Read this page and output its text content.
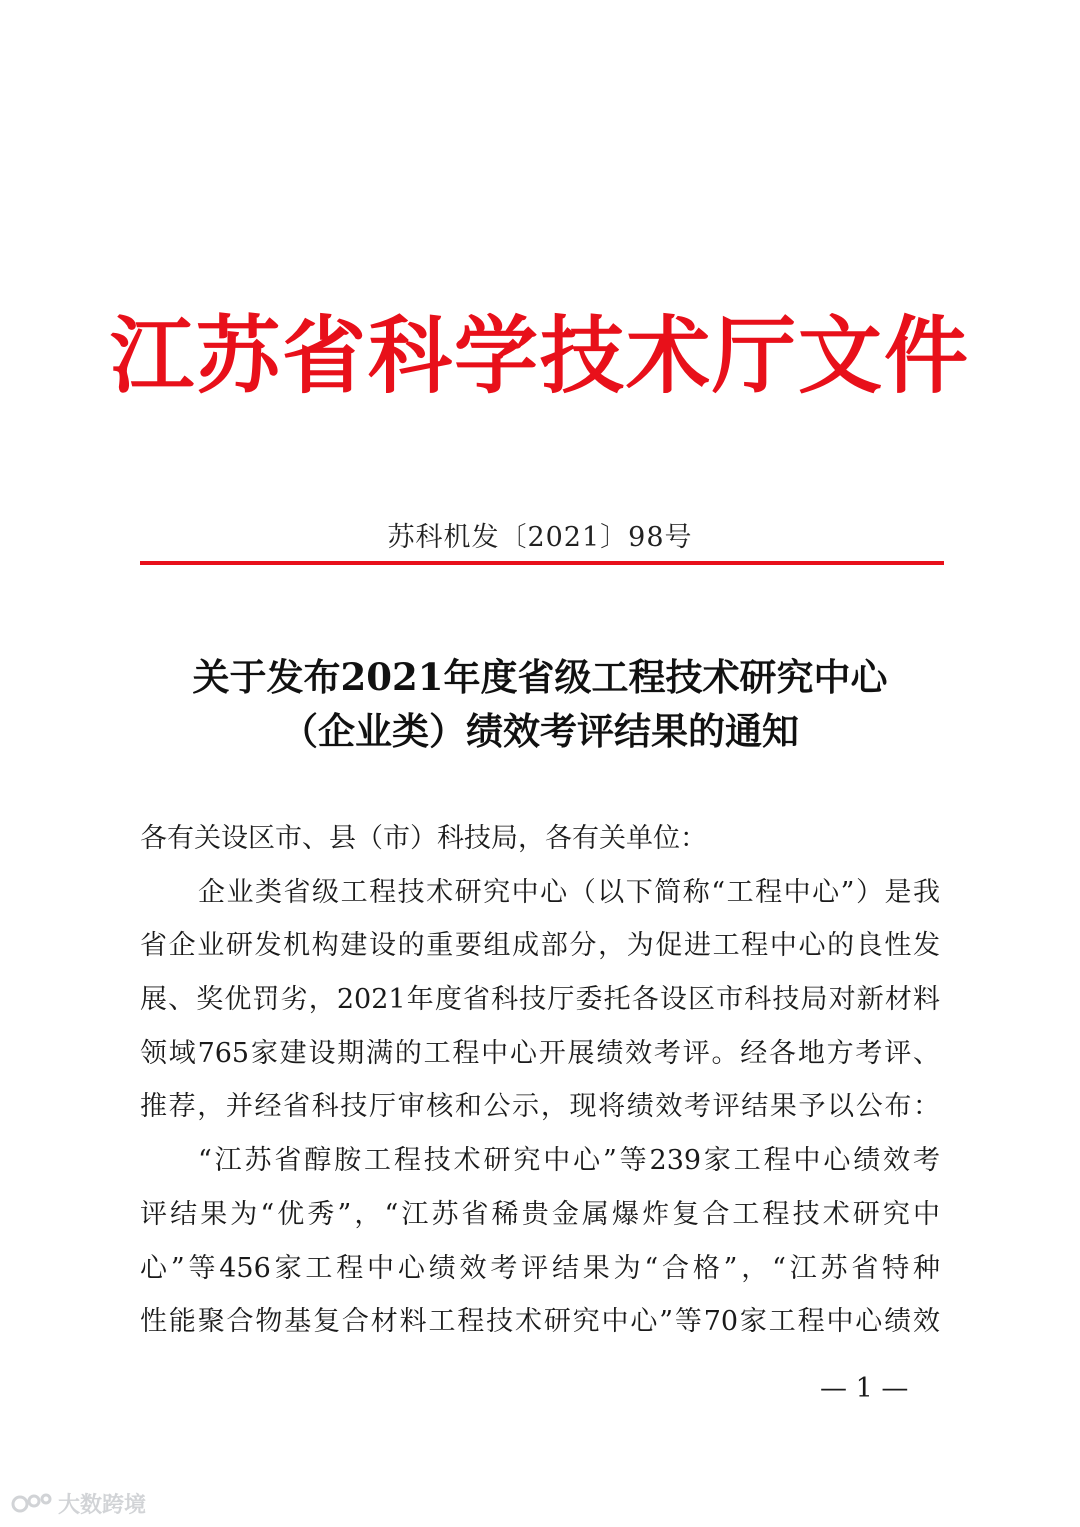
江苏省科学技术厅文件
苏科机发〔2021〕98号
关于发布2021年度省级工程技术研究中心
（企业类）绩效考评结果的通知
各有关设区市、县（市）科技局，各有关单位：
企业类省级工程技术研究中心（以下简称“工程中心”）是我
省企业研发机构建设的重要组成部分，为促进工程中心的良性发
展、奖优罚劣，2021年度省科技厅委托各设区市科技局对新材料
领域765家建设期满的工程中心开展绩效考评。经各地方考评、
推荐，并经省科技厅审核和公示，现将绩效考评结果予以公布：
“江苏省醇胺工程技术研究中心”等239家工程中心绩效考
评结果为“优秀”，“江苏省稀贵金属爆炸复合工程技术研究中
心”等456家工程中心绩效考评结果为“合格”，“江苏省特种
性能聚合物基复合材料工程技术研究中心”等70家工程中心绩效
— 1 —
大数跨境
